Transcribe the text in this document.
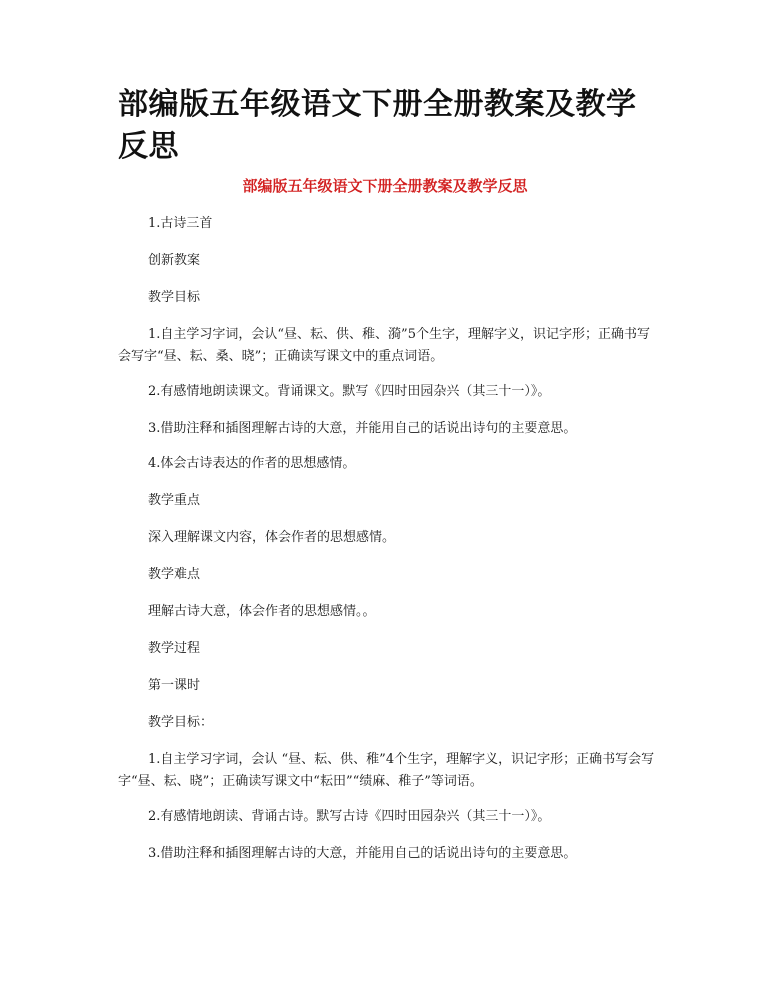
部编版五年级语文下册全册教案及教学反思
部编版五年级语文下册全册教案及教学反思

1.古诗三首

创新教案

教学目标

1.自主学习字词，会认“昼、耘、供、稚、漪”5个生字，理解字义，识记字形；正确书写会写字“昼、耘、桑、晓”；正确读写课文中的重点词语。

2.有感情地朗读课文。背诵课文。默写《四时田园杂兴（其三十一）》。

3.借助注释和插图理解古诗的大意，并能用自己的话说出诗句的主要意思。

4.体会古诗表达的作者的思想感情。

教学重点

深入理解课文内容，体会作者的思想感情。

教学难点

理解古诗大意，体会作者的思想感情。。

教学过程

第一课时

教学目标：

1.自主学习字词，会认 “昼、耘、供、稚”4个生字，理解字义，识记字形；正确书写会写字“昼、耘、晓”；正确读写课文中“耘田”“绩麻、稚子”等词语。

2.有感情地朗读、背诵古诗。默写古诗《四时田园杂兴（其三十一）》。

3.借助注释和插图理解古诗的大意，并能用自己的话说出诗句的主要意思。
